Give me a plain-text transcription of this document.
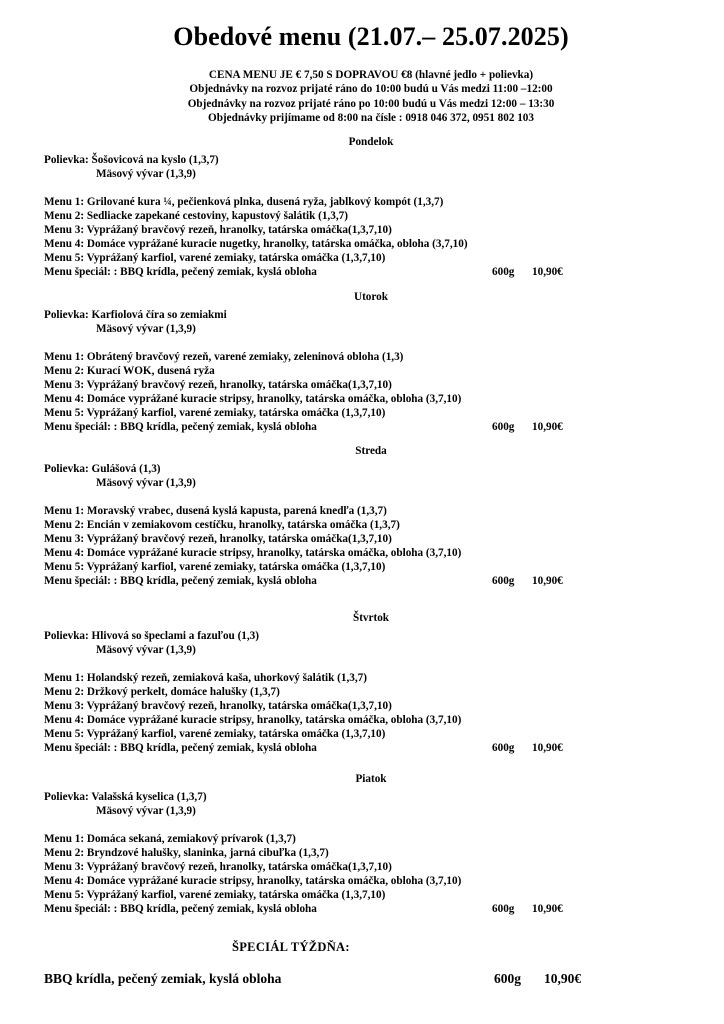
Obedové menu (21.07.– 25.07.2025)
CENA MENU JE € 7,50 S DOPRAVOU €8 (hlavné jedlo + polievka)
Objednávky na rozvoz prijaté ráno do 10:00 budú u Vás medzi 11:00 –12:00
Objednávky na rozvoz prijaté ráno po 10:00 budú u Vás medzi 12:00 – 13:30
Objednávky prijímame od 8:00 na čísle : 0918 046 372, 0951 802 103
Pondelok
Polievka: Šošovicová na kyslo (1,3,7)
Mäsový vývar (1,3,9)
Menu 1: Grilované kura ¼, pečienková plnka, dusená ryža, jablkový kompót (1,3,7)
Menu 2: Sedliacke zapekané cestoviny, kapustový šalátik (1,3,7)
Menu 3: Vyprážaný bravčový rezeň, hranolky, tatárska omáčka(1,3,7,10)
Menu 4: Domáce vyprážané kuracie nugetky, hranolky, tatárska omáčka, obloha (3,7,10)
Menu 5: Vyprážaný karfiol, varené zemiaky, tatárska omáčka (1,3,7,10)
Menu špeciál: : BBQ krídla, pečený zemiak, kyslá obloha	600g 10,90€
Utorok
Polievka: Karfiolová číra so zemiakmi
Mäsový vývar (1,3,9)
Menu 1: Obrátený bravčový rezeň, varené zemiaky, zeleninová obloha (1,3)
Menu 2: Kurací WOK, dusená ryža
Menu 3: Vyprážaný bravčový rezeň, hranolky, tatárska omáčka(1,3,7,10)
Menu 4: Domáce vyprážané kuracie stripsy, hranolky, tatárska omáčka, obloha (3,7,10)
Menu 5: Vyprážaný karfiol, varené zemiaky, tatárska omáčka (1,3,7,10)
Menu špeciál: : BBQ krídla, pečený zemiak, kyslá obloha	600g 10,90€
Streda
Polievka: Gulášová (1,3)
Mäsový vývar (1,3,9)
Menu 1: Moravský vrabec, dusená kyslá kapusta, parená knedľa (1,3,7)
Menu 2: Encián v zemiakovom cestíčku, hranolky, tatárska omáčka (1,3,7)
Menu 3: Vyprážaný bravčový rezeň, hranolky, tatárska omáčka(1,3,7,10)
Menu 4: Domáce vyprážané kuracie stripsy, hranolky, tatárska omáčka, obloha (3,7,10)
Menu 5: Vyprážaný karfiol, varené zemiaky, tatárska omáčka (1,3,7,10)
Menu špeciál: : BBQ krídla, pečený zemiak, kyslá obloha	600g 10,90€
Štvrtok
Polievka: Hlivová so špeclami a fazuľou (1,3)
Mäsový vývar (1,3,9)
Menu 1: Holandský rezeň, zemiaková kaša, uhorkový šalátik (1,3,7)
Menu 2: Držkový perkelt, domáce halušky (1,3,7)
Menu 3: Vyprážaný bravčový rezeň, hranolky, tatárska omáčka(1,3,7,10)
Menu 4: Domáce vyprážané kuracie stripsy, hranolky, tatárska omáčka, obloha (3,7,10)
Menu 5: Vyprážaný karfiol, varené zemiaky, tatárska omáčka (1,3,7,10)
Menu špeciál: : BBQ krídla, pečený zemiak, kyslá obloha	600g 10,90€
Piatok
Polievka: Valašská kyselica (1,3,7)
Mäsový vývar (1,3,9)
Menu 1: Domáca sekaná, zemiakový prívarok (1,3,7)
Menu 2: Bryndzové halušky, slaninka, jarná cibuľka (1,3,7)
Menu 3: Vyprážaný bravčový rezeň, hranolky, tatárska omáčka(1,3,7,10)
Menu 4: Domáce vyprážané kuracie stripsy, hranolky, tatárska omáčka, obloha (3,7,10)
Menu 5: Vyprážaný karfiol, varené zemiaky, tatárska omáčka (1,3,7,10)
Menu špeciál: : BBQ krídla, pečený zemiak, kyslá obloha	600g 10,90€
ŠPECIÁL TÝŽDŇA:
BBQ krídla, pečený zemiak, kyslá obloha	600g 10,90€
